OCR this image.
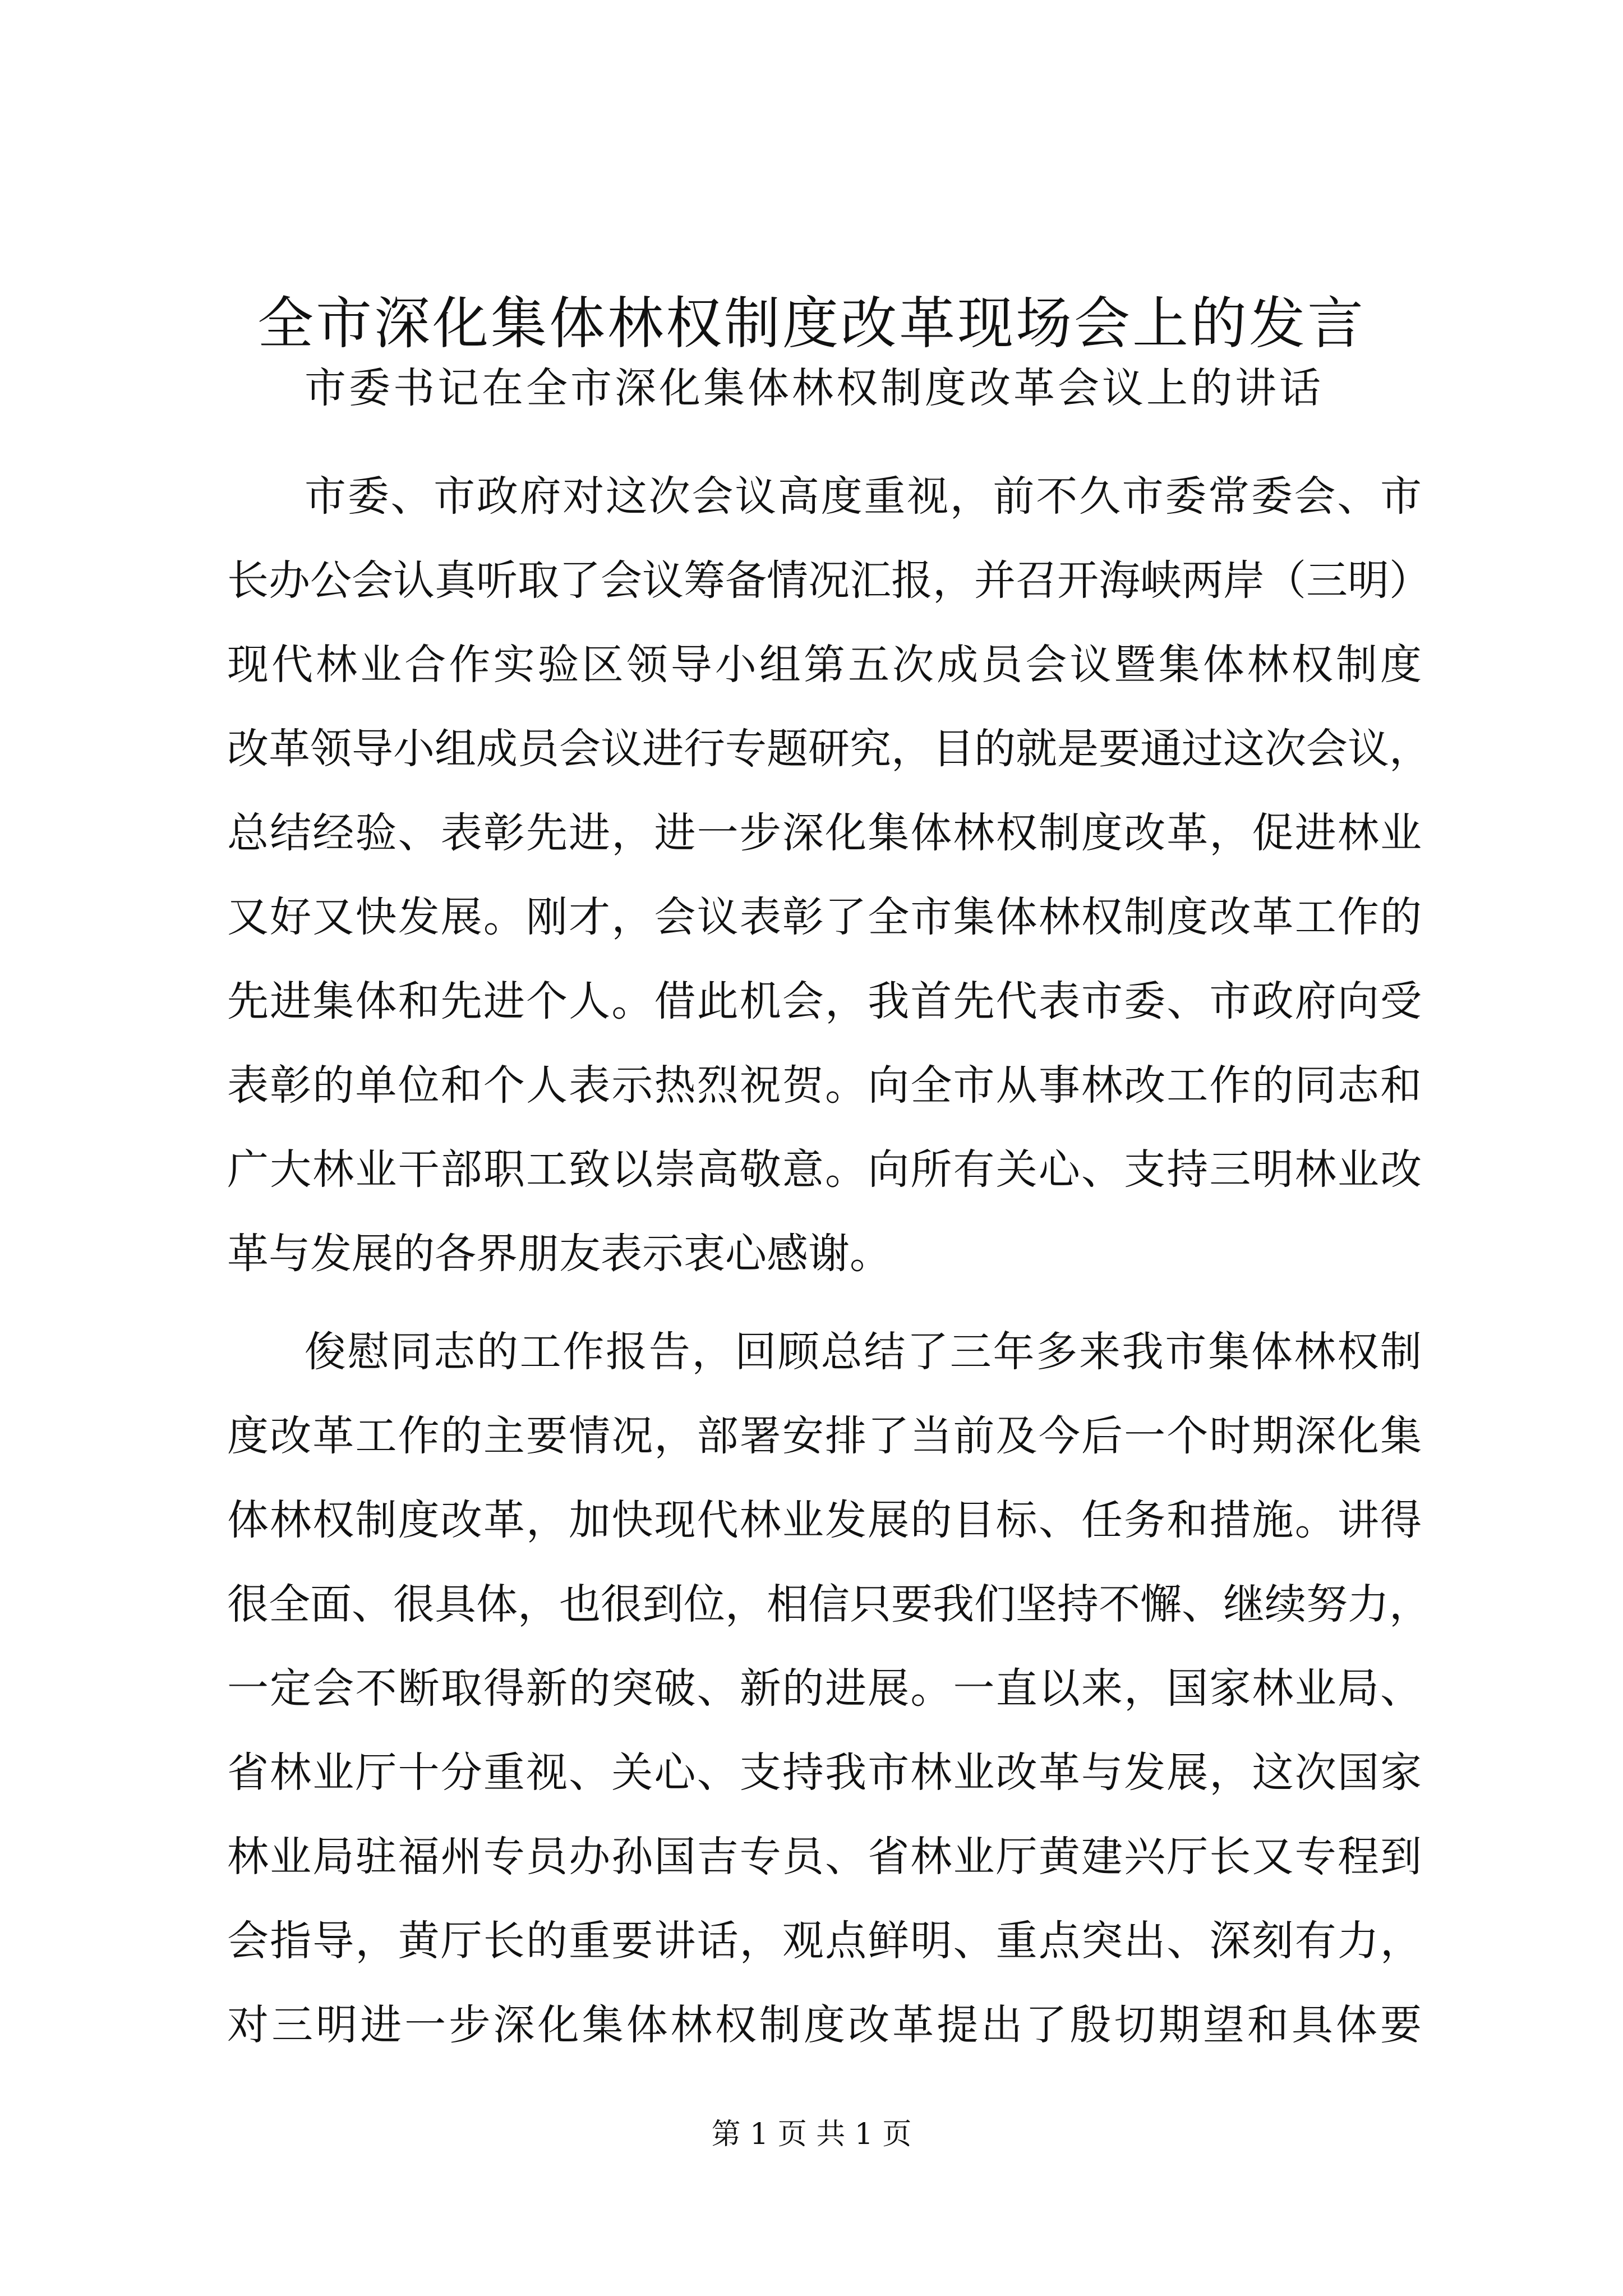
全市深化集体林权制度改革现场会上的发言
市委书记在全市深化集体林权制度改革会议上的讲话
市委、市政府对这次会议高度重视，前不久市委常委会、市
长办公会认真听取了会议筹备情况汇报，并召开海峡两岸（三明）
现代林业合作实验区领导小组第五次成员会议暨集体林权制度
改革领导小组成员会议进行专题研究，目的就是要通过这次会议，
总结经验、表彰先进，进一步深化集体林权制度改革，促进林业
又好又快发展。刚才，会议表彰了全市集体林权制度改革工作的
先进集体和先进个人。借此机会，我首先代表市委、市政府向受
表彰的单位和个人表示热烈祝贺。向全市从事林改工作的同志和
广大林业干部职工致以崇高敬意。向所有关心、支持三明林业改
革与发展的各界朋友表示衷心感谢。
俊慰同志的工作报告，回顾总结了三年多来我市集体林权制
度改革工作的主要情况，部署安排了当前及今后一个时期深化集
体林权制度改革，加快现代林业发展的目标、任务和措施。讲得
很全面、很具体，也很到位，相信只要我们坚持不懈、继续努力，
一定会不断取得新的突破、新的进展。一直以来，国家林业局、
省林业厅十分重视、关心、支持我市林业改革与发展，这次国家
林业局驻福州专员办孙国吉专员、省林业厅黄建兴厅长又专程到
会指导，黄厅长的重要讲话，观点鲜明、重点突出、深刻有力，
对三明进一步深化集体林权制度改革提出了殷切期望和具体要
第 1 页 共 1 页
